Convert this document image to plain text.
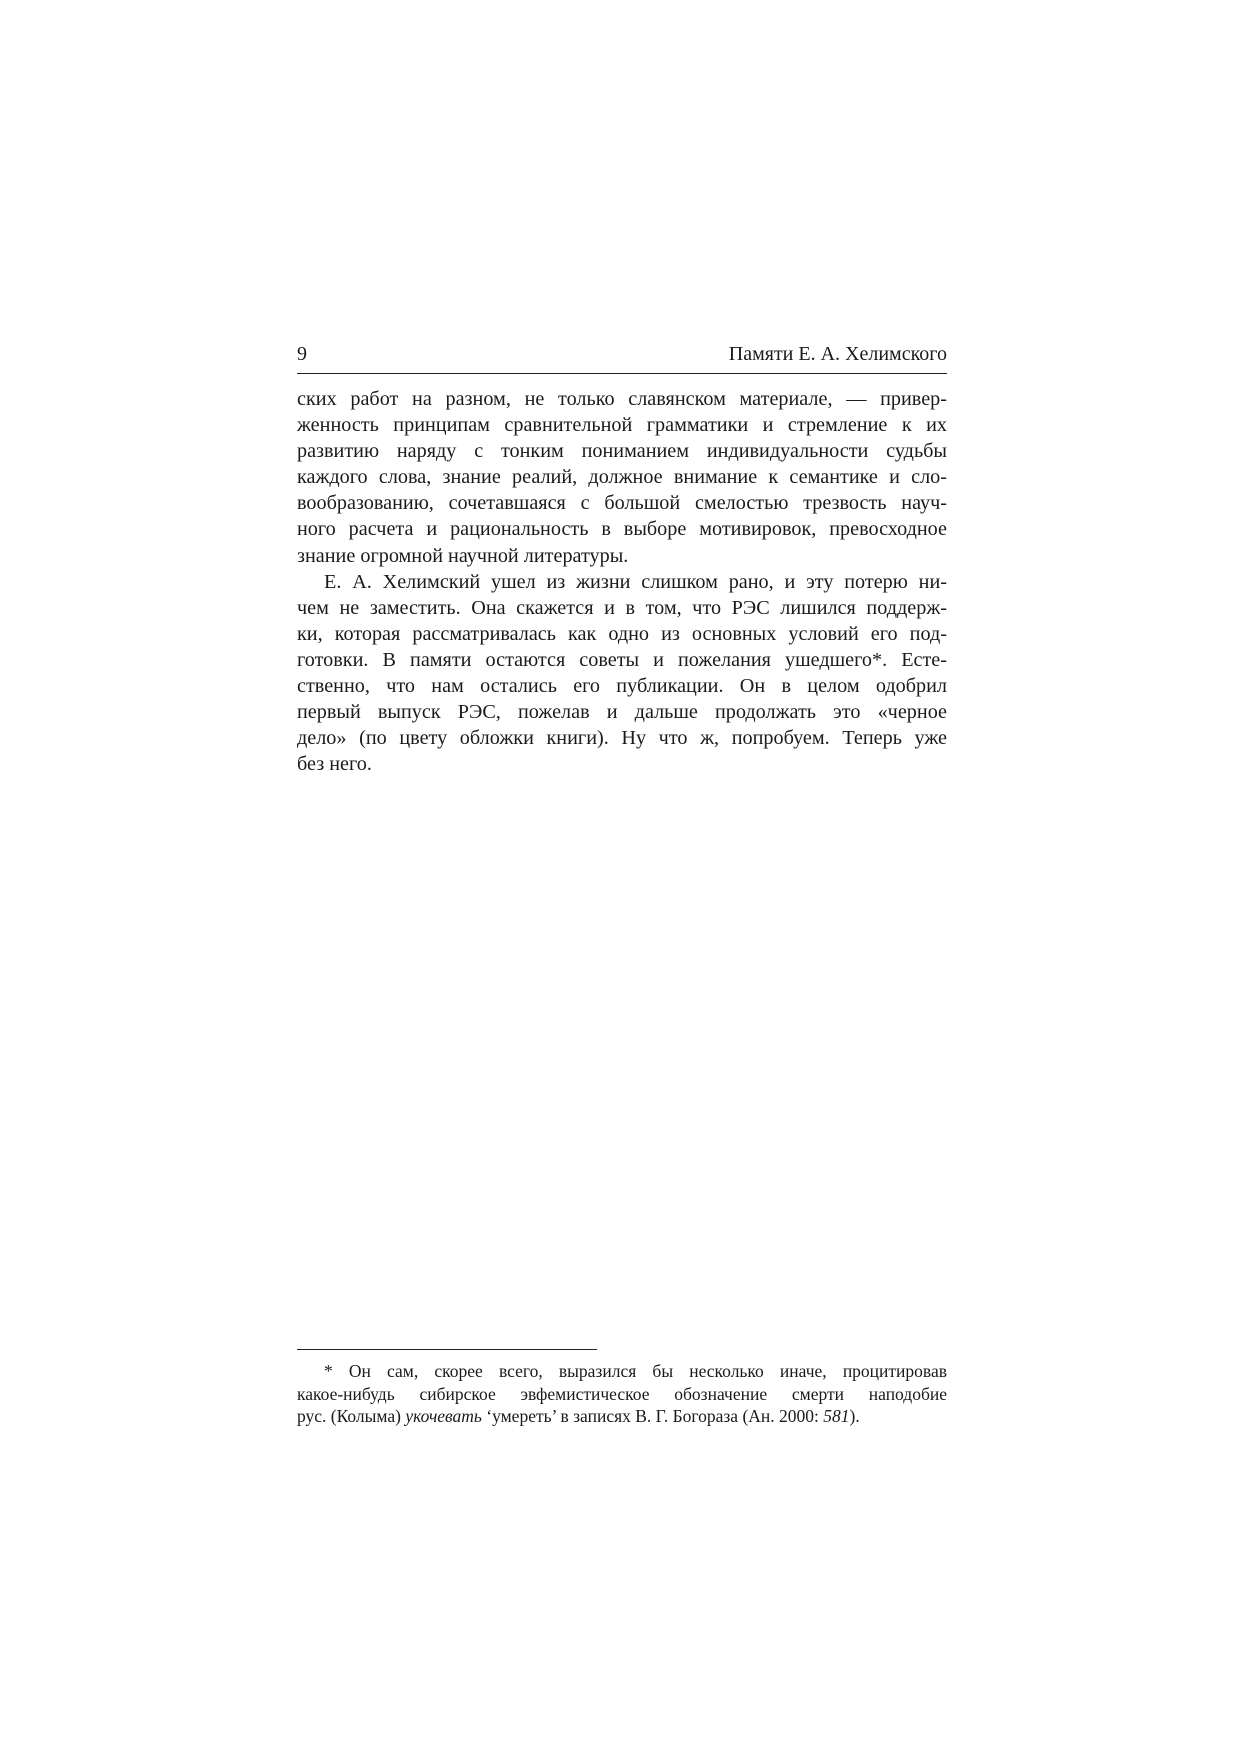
9	Памяти Е. А. Хелимского
ских работ на разном, не только славянском материале, — привер-
женность принципам сравнительной грамматики и стремление к их
развитию наряду с тонким пониманием индивидуальности судьбы
каждого слова, знание реалий, должное внимание к семантике и сло-
вообразованию, сочетавшаяся с большой смелостью трезвость науч-
ного расчета и рациональность в выборе мотивировок, превосходное
знание огромной научной литературы.
Е. А. Хелимский ушел из жизни слишком рано, и эту потерю ни-
чем не заместить. Она скажется и в том, что РЭС лишился поддерж-
ки, которая рассматривалась как одно из основных условий его под-
готовки. В памяти остаются советы и пожелания ушедшего*. Есте-
ственно, что нам остались его публикации. Он в целом одобрил
первый выпуск РЭС, пожелав и дальше продолжать это «черное
дело» (по цвету обложки книги). Ну что ж, попробуем. Теперь уже
без него.
* Он сам, скорее всего, выразился бы несколько иначе, процитировав
какое-нибудь сибирское эвфемистическое обозначение смерти наподобие
рус. (Колыма) укочевать ‘умереть’ в записях В. Г. Богораза (Ан. 2000: 581).
